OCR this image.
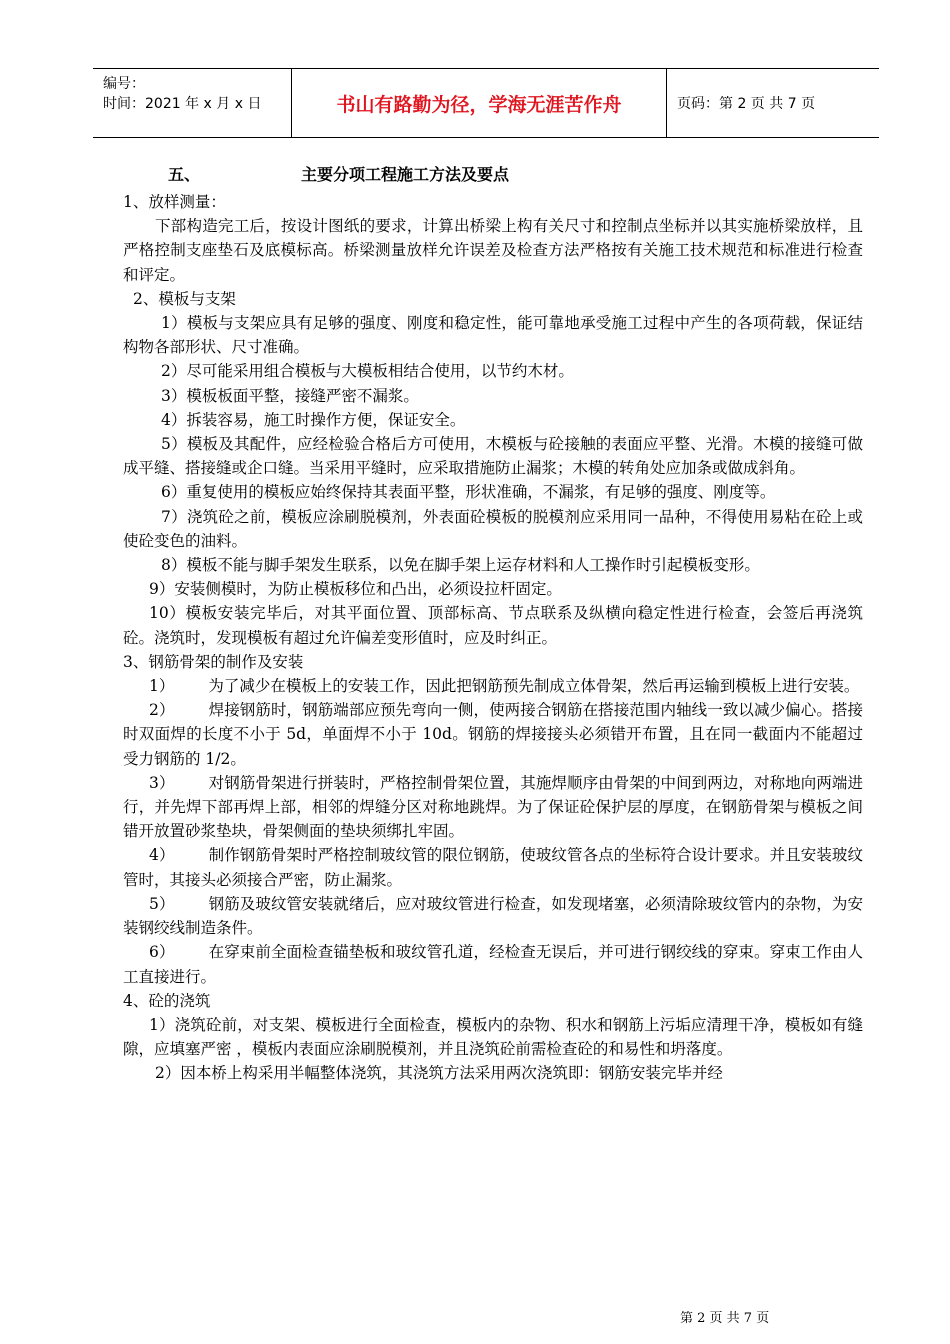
编号：
时间：2021 年 x 月 x 日	书山有路勤为径，学海无涯苦作舟	页码：第 2 页 共 7 页
五、	主要分项工程施工方法及要点

1、放样测量：

下部构造完工后，按设计图纸的要求，计算出桥梁上构有关尺寸和控制点坐标并以其实施桥梁放样，且严格控制支座垫石及底模标高。桥梁测量放样允许误差及检查方法严格按有关施工技术规范和标准进行检查和评定。

2、模板与支架

1）模板与支架应具有足够的强度、刚度和稳定性，能可靠地承受施工过程中产生的各项荷载，保证结构物各部形状、尺寸准确。

2）尽可能采用组合模板与大模板相结合使用，以节约木材。

3）模板板面平整，接缝严密不漏浆。

4）拆装容易，施工时操作方便，保证安全。

5）模板及其配件，应经检验合格后方可使用，木模板与砼接触的表面应平整、光滑。木模的接缝可做成平缝、搭接缝或企口缝。当采用平缝时，应采取措施防止漏浆；木模的转角处应加条或做成斜角。

6）重复使用的模板应始终保持其表面平整，形状准确，不漏浆，有足够的强度、刚度等。

7）浇筑砼之前，模板应涂刷脱模剂，外表面砼模板的脱模剂应采用同一品种，不得使用易粘在砼上或使砼变色的油料。

8）模板不能与脚手架发生联系，以免在脚手架上运存材料和人工操作时引起模板变形。

9）安装侧模时，为防止模板移位和凸出，必须设拉杆固定。

10）模板安装完毕后，对其平面位置、顶部标高、节点联系及纵横向稳定性进行检查，会签后再浇筑砼。浇筑时，发现模板有超过允许偏差变形值时，应及时纠正。

3、钢筋骨架的制作及安装

1） 为了减少在模板上的安装工作，因此把钢筋预先制成立体骨架，然后再运输到模板上进行安装。

2） 焊接钢筋时，钢筋端部应预先弯向一侧，使两接合钢筋在搭接范围内轴线一致以减少偏心。搭接时双面焊的长度不小于 5d，单面焊不小于 10d。钢筋的焊接接头必须错开布置，且在同一截面内不能超过受力钢筋的 1/2。

3） 对钢筋骨架进行拼装时，严格控制骨架位置，其施焊顺序由骨架的中间到两边，对称地向两端进行，并先焊下部再焊上部，相邻的焊缝分区对称地跳焊。为了保证砼保护层的厚度，在钢筋骨架与模板之间错开放置砂浆垫块，骨架侧面的垫块须绑扎牢固。

4） 制作钢筋骨架时严格控制玻纹管的限位钢筋，使玻纹管各点的坐标符合设计要求。并且安装玻纹管时，其接头必须接合严密，防止漏浆。

5） 钢筋及玻纹管安装就绪后，应对玻纹管进行检查，如发现堵塞，必须清除玻纹管内的杂物，为安装钢绞线制造条件。

6） 在穿束前全面检查锚垫板和玻纹管孔道，经检查无误后，并可进行钢绞线的穿束。穿束工作由人工直接进行。

4、砼的浇筑

1）浇筑砼前，对支架、模板进行全面检查，模板内的杂物、积水和钢筋上污垢应清理干净，模板如有缝隙，应填塞严密 ，模板内表面应涂刷脱模剂，并且浇筑砼前需检查砼的和易性和坍落度。

2）因本桥上构采用半幅整体浇筑，其浇筑方法采用两次浇筑即：钢筋安装完毕并经

第 2 页 共 7 页
